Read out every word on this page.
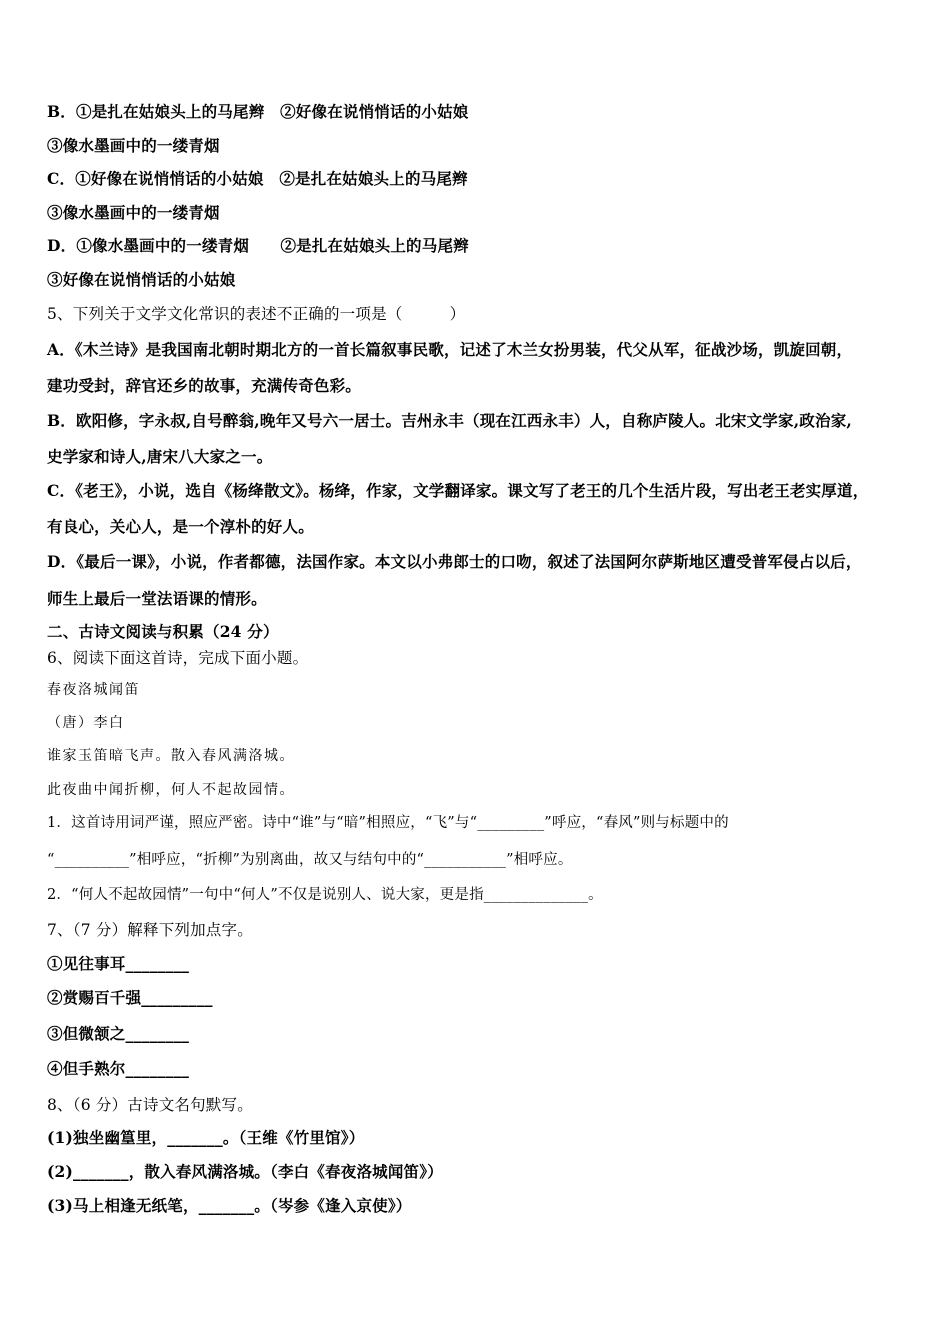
B．①是扎在姑娘头上的马尾辫　②好像在说悄悄话的小姑娘
③像水墨画中的一缕青烟
C．①好像在说悄悄话的小姑娘　②是扎在姑娘头上的马尾辫
③像水墨画中的一缕青烟
D．①像水墨画中的一缕青烟　　②是扎在姑娘头上的马尾辫
③好像在说悄悄话的小姑娘
5、下列关于文学文化常识的表述不正确的一项是（　　　）
A．《木兰诗》是我国南北朝时期北方的一首长篇叙事民歌，记述了木兰女扮男装，代父从军，征战沙场，凯旋回朝，
建功受封，辞官还乡的故事，充满传奇色彩。
B．欧阳修，字永叔,自号醉翁,晚年又号六一居士。吉州永丰（现在江西永丰）人，自称庐陵人。北宋文学家,政治家,
史学家和诗人,唐宋八大家之一。
C．《老王》，小说，选自《杨绛散文》。杨绛，作家，文学翻译家。课文写了老王的几个生活片段，写出老王老实厚道，
有良心，关心人，是一个淳朴的好人。
D．《最后一课》，小说，作者都德，法国作家。本文以小弗郎士的口吻，叙述了法国阿尔萨斯地区遭受普军侵占以后，
师生上最后一堂法语课的情形。
二、古诗文阅读与积累（24 分）
6、阅读下面这首诗，完成下面小题。
春夜洛城闻笛
（唐）李白
谁家玉笛暗飞声。散入春风满洛城。
此夜曲中闻折柳，何人不起故园情。
1．这首诗用词严谨，照应严密。诗中“谁”与“暗”相照应，“飞”与“_________”呼应，“春风”则与标题中的
“__________”相呼应，“折柳”为别离曲，故又与结句中的“___________”相呼应。
2．“何人不起故园情”一句中“何人”不仅是说别人、说大家，更是指______________。
7、（7 分）解释下列加点字。
①见往事耳________
②赏赐百千强_________
③但微颔之________
④但手熟尔________
8、（6 分）古诗文名句默写。
(1)独坐幽篁里，_______。（王维《竹里馆》）
(2)_______，散入春风满洛城。（李白《春夜洛城闻笛》）
(3)马上相逢无纸笔，_______。（岑参《逢入京使》）
